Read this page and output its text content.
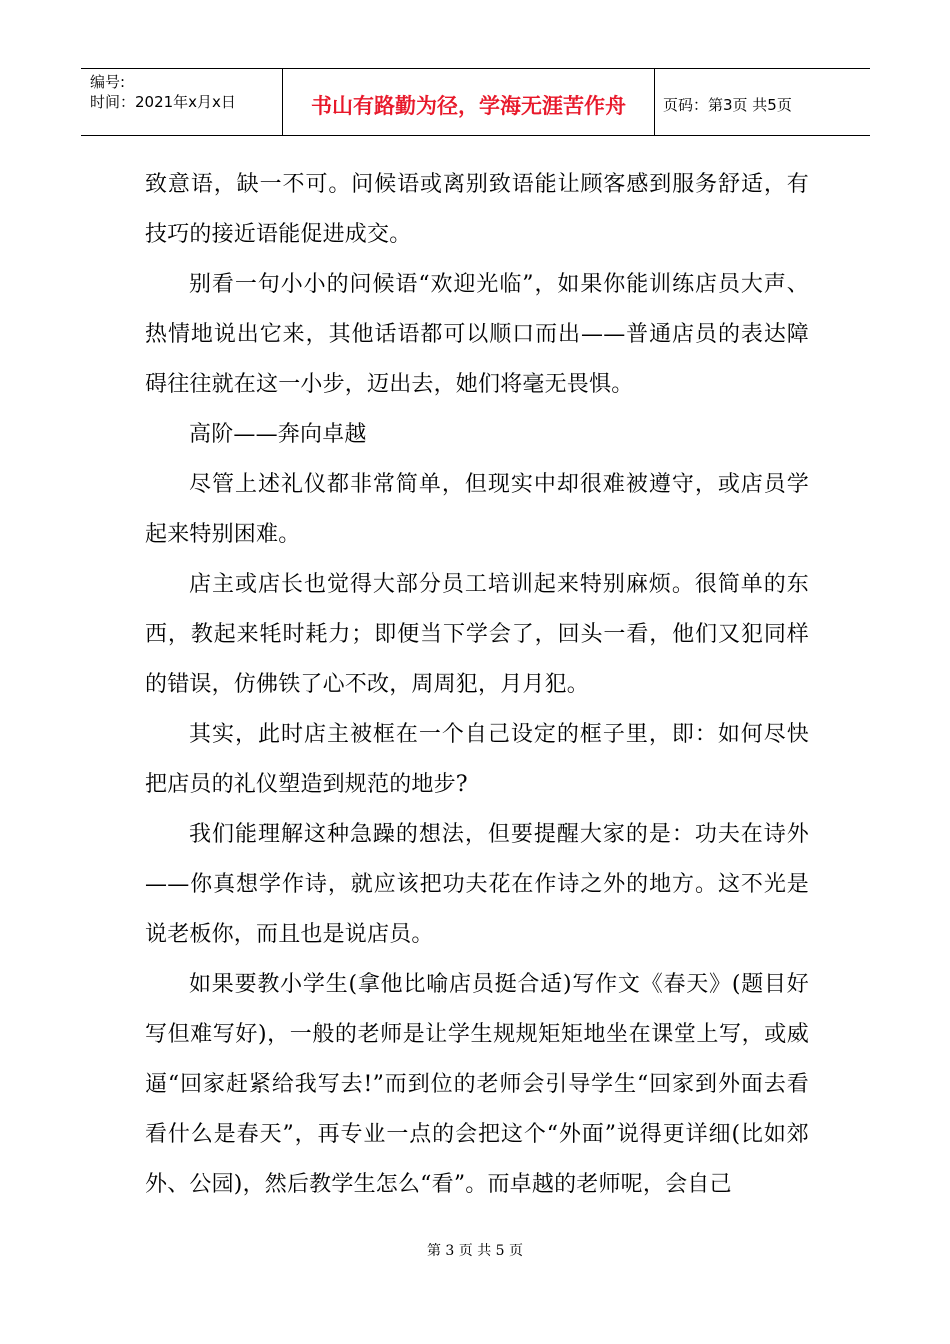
编号:
时间：2021年x月x日	书山有路勤为径，学海无涯苦作舟	页码：第3页 共5页

致意语，缺一不可。问候语或离别致语能让顾客感到服务舒适，有技巧的接近语能促进成交。

别看一句小小的问候语“欢迎光临”，如果你能训练店员大声、热情地说出它来，其他话语都可以顺口而出——普通店员的表达障碍往往就在这一小步，迈出去，她们将毫无畏惧。

高阶——奔向卓越

尽管上述礼仪都非常简单，但现实中却很难被遵守，或店员学起来特别困难。

店主或店长也觉得大部分员工培训起来特别麻烦。很简单的东西，教起来牦时耗力；即便当下学会了，回头一看，他们又犯同样的错误，仿佛铁了心不改，周周犯，月月犯。

其实，此时店主被框在一个自己设定的框子里，即：如何尽快把店员的礼仪塑造到规范的地步?

我们能理解这种急躁的想法，但要提醒大家的是：功夫在诗外——你真想学作诗，就应该把功夫花在作诗之外的地方。这不光是说老板你，而且也是说店员。

如果要教小学生(拿他比喻店员挺合适)写作文《春天》(题目好写但难写好)，一般的老师是让学生规规矩矩地坐在课堂上写，或威逼“回家赶紧给我写去!”而到位的老师会引导学生“回家到外面去看看什么是春天”，再专业一点的会把这个“外面”说得更详细(比如郊外、公园)，然后教学生怎么“看”。而卓越的老师呢，会自己

第 3 页 共 5 页
